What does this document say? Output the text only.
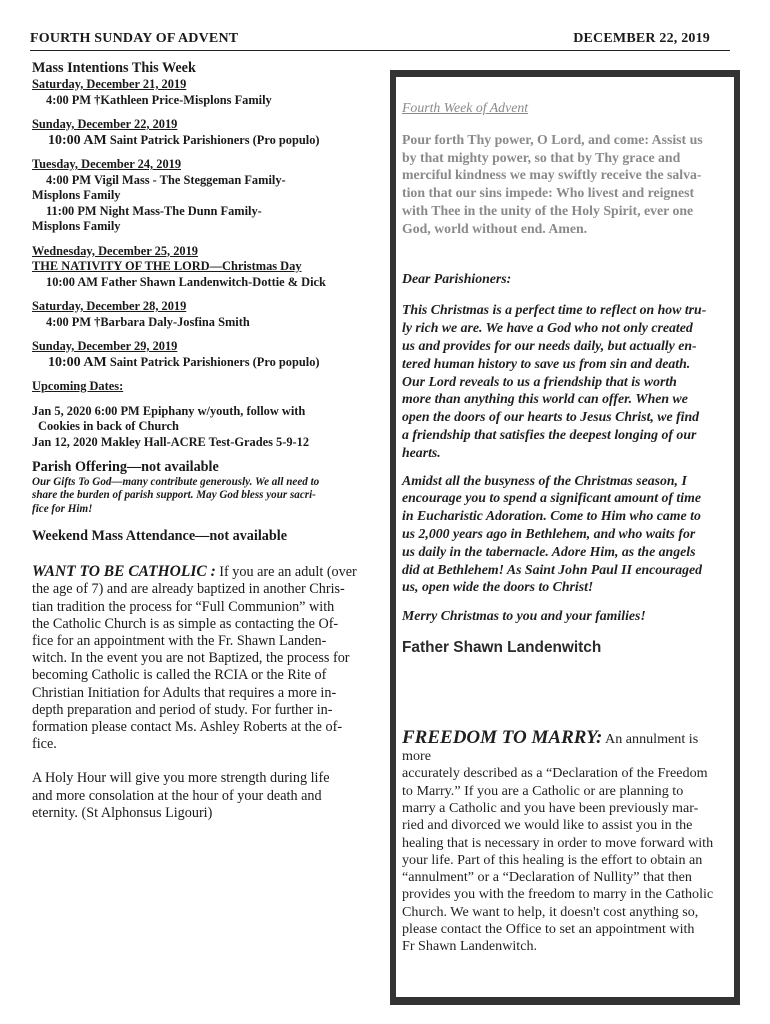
FOURTH SUNDAY OF ADVENT	DECEMBER 22, 2019
Mass Intentions This Week
Saturday, December 21, 2019
4:00 PM †Kathleen Price-Misplons Family
Sunday, December 22, 2019
10:00 AM Saint Patrick Parishioners (Pro populo)
Tuesday, December 24, 2019
4:00 PM Vigil Mass - The Steggeman Family-
Misplons Family
11:00 PM Night Mass-The Dunn Family-
Misplons Family
Wednesday, December 25, 2019
THE NATIVITY OF THE LORD—Christmas Day
10:00 AM Father Shawn Landenwitch-Dottie & Dick
Saturday, December 28, 2019
4:00 PM †Barbara Daly-Josfina Smith
Sunday, December 29, 2019
10:00 AM Saint Patrick Parishioners (Pro populo)
Upcoming Dates:
Jan 5, 2020 6:00 PM Epiphany w/youth, follow with
Cookies in back of Church
Jan 12, 2020 Makley Hall-ACRE Test-Grades 5-9-12
Parish Offering—not available
Our Gifts To God—many contribute generously. We all need to
share the burden of parish support. May God bless your sacri-
fice for Him!
Weekend Mass Attendance—not available
WANT TO BE CATHOLIC : If you are an adult (over
the age of 7) and are already baptized in another Chris-
tian tradition the process for “Full Communion” with
the Catholic Church is as simple as contacting the Of-
fice for an appointment with the Fr. Shawn Landen-
witch. In the event you are not Baptized, the process for
becoming Catholic is called the RCIA or the Rite of
Christian Initiation for Adults that requires a more in-
depth preparation and period of study. For further in-
formation please contact Ms. Ashley Roberts at the of-
fice.
A Holy Hour will give you more strength during life
and more consolation at the hour of your death and
eternity. (St Alphonsus Ligouri)
Fourth Week of Advent
Pour forth Thy power, O Lord, and come: Assist us
by that mighty power, so that by Thy grace and
merciful kindness we may swiftly receive the salva-
tion that our sins impede: Who livest and reignest
with Thee in the unity of the Holy Spirit, ever one
God, world without end. Amen.
Dear Parishioners:
This Christmas is a perfect time to reflect on how tru-
ly rich we are. We have a God who not only created
us and provides for our needs daily, but actually en-
tered human history to save us from sin and death.
Our Lord reveals to us a friendship that is worth
more than anything this world can offer. When we
open the doors of our hearts to Jesus Christ, we find
a friendship that satisfies the deepest longing of our
hearts.
Amidst all the busyness of the Christmas season, I
encourage you to spend a significant amount of time
in Eucharistic Adoration. Come to Him who came to
us 2,000 years ago in Bethlehem, and who waits for
us daily in the tabernacle. Adore Him, as the angels
did at Bethlehem! As Saint John Paul II encouraged
us, open wide the doors to Christ!
Merry Christmas to you and your families!
Father Shawn Landenwitch
FREEDOM TO MARRY: An annulment is more
accurately described as a “Declaration of the Freedom
to Marry.” If you are a Catholic or are planning to
marry a Catholic and you have been previously mar-
ried and divorced we would like to assist you in the
healing that is necessary in order to move forward with
your life. Part of this healing is the effort to obtain an
“annulment” or a “Declaration of Nullity” that then
provides you with the freedom to marry in the Catholic
Church. We want to help, it doesn't cost anything so,
please contact the Office to set an appointment with
Fr Shawn Landenwitch.
